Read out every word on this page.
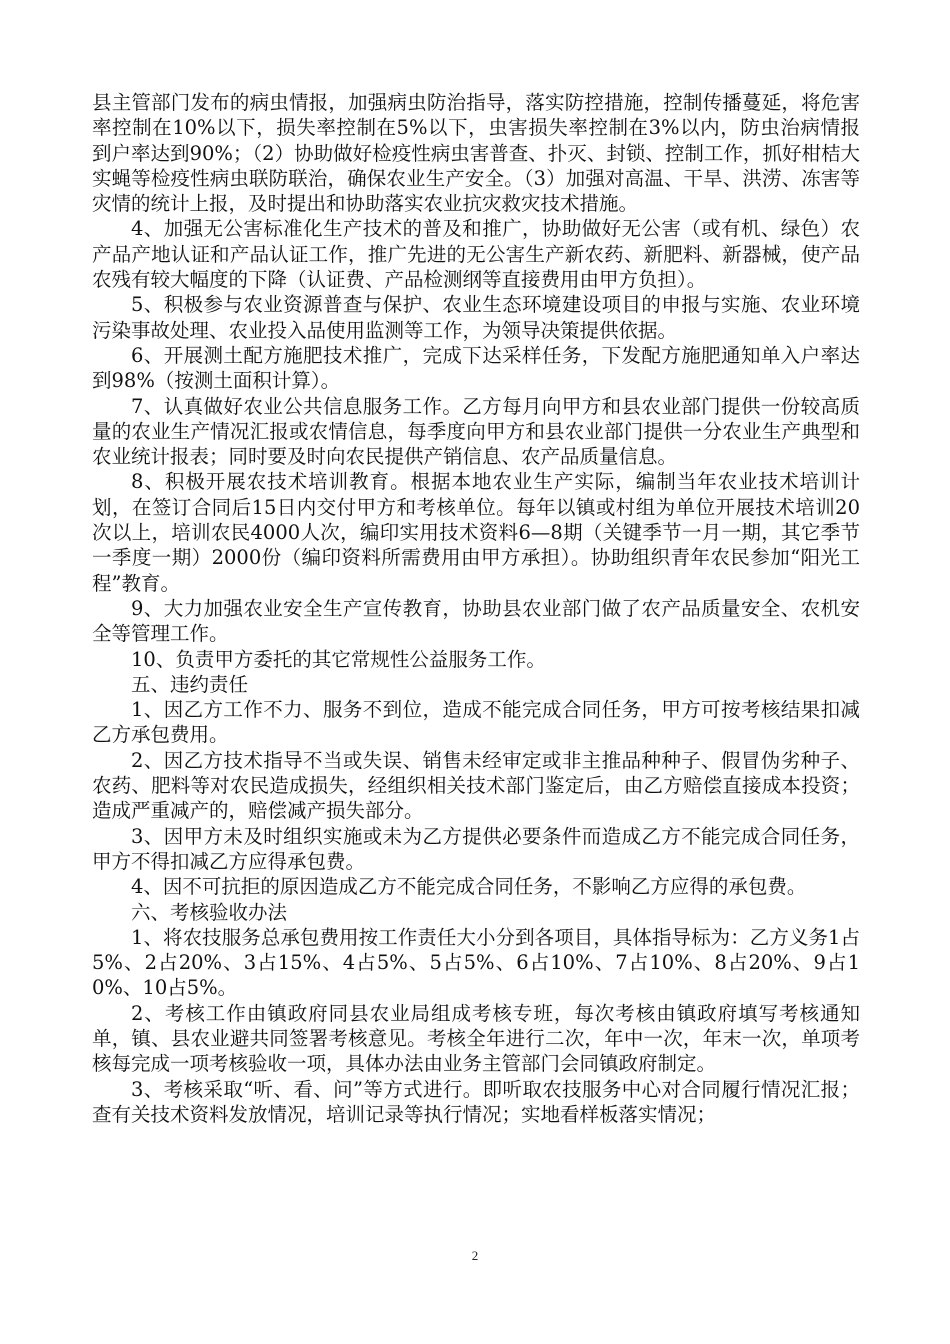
县主管部门发布的病虫情报，加强病虫防治指导，落实防控措施，控制传播蔓延，将危害率控制在10%以下，损失率控制在5%以下，虫害损失率控制在3%以内，防虫治病情报到户率达到90%；（2）协助做好检疫性病虫害普查、扑灭、封锁、控制工作，抓好柑桔大实蝇等检疫性病虫联防联治，确保农业生产安全。（3）加强对高温、干旱、洪涝、冻害等灾情的统计上报，及时提出和协助落实农业抗灾救灾技术措施。

4、加强无公害标准化生产技术的普及和推广，协助做好无公害（或有机、绿色）农产品产地认证和产品认证工作，推广先进的无公害生产新农药、新肥料、新器械，使产品农残有较大幅度的下降（认证费、产品检测纲等直接费用由甲方负担）。

5、积极参与农业资源普查与保护、农业生态环境建设项目的申报与实施、农业环境污染事故处理、农业投入品使用监测等工作，为领导决策提供依据。

6、开展测土配方施肥技术推广，完成下达采样任务，下发配方施肥通知单入户率达到98%（按测土面积计算）。

7、认真做好农业公共信息服务工作。乙方每月向甲方和县农业部门提供一份较高质量的农业生产情况汇报或农情信息，每季度向甲方和县农业部门提供一分农业生产典型和农业统计报表；同时要及时向农民提供产销信息、农产品质量信息。

8、积极开展农技术培训教育。根据本地农业生产实际，编制当年农业技术培训计划，在签订合同后15日内交付甲方和考核单位。每年以镇或村组为单位开展技术培训20次以上，培训农民4000人次，编印实用技术资料6—8期（关键季节一月一期，其它季节一季度一期）2000份（编印资料所需费用由甲方承担）。协助组织青年农民参加“阳光工程”教育。

9、大力加强农业安全生产宣传教育，协助县农业部门做了农产品质量安全、农机安全等管理工作。

10、负责甲方委托的其它常规性公益服务工作。

五、违约责任

1、因乙方工作不力、服务不到位，造成不能完成合同任务，甲方可按考核结果扣减乙方承包费用。

2、因乙方技术指导不当或失误、销售未经审定或非主推品种种子、假冒伪劣种子、农药、肥料等对农民造成损失，经组织相关技术部门鉴定后，由乙方赔偿直接成本投资；造成严重减产的，赔偿减产损失部分。

3、因甲方未及时组织实施或未为乙方提供必要条件而造成乙方不能完成合同任务，甲方不得扣减乙方应得承包费。

4、因不可抗拒的原因造成乙方不能完成合同任务，不影响乙方应得的承包费。

六、考核验收办法

1、将农技服务总承包费用按工作责任大小分到各项目，具体指导标为：乙方义务1占5%、2占20%、3占15%、4占5%、5占5%、6占10%、7占10%、8占20%、9占10%、10占5%。

2、考核工作由镇政府同县农业局组成考核专班，每次考核由镇政府填写考核通知单，镇、县农业避共同签署考核意见。考核全年进行二次，年中一次，年末一次，单项考核每完成一项考核验收一项，具体办法由业务主管部门会同镇政府制定。

3、考核采取“听、看、问”等方式进行。即听取农技服务中心对合同履行情况汇报；查有关技术资料发放情况，培训记录等执行情况；实地看样板落实情况；

2
